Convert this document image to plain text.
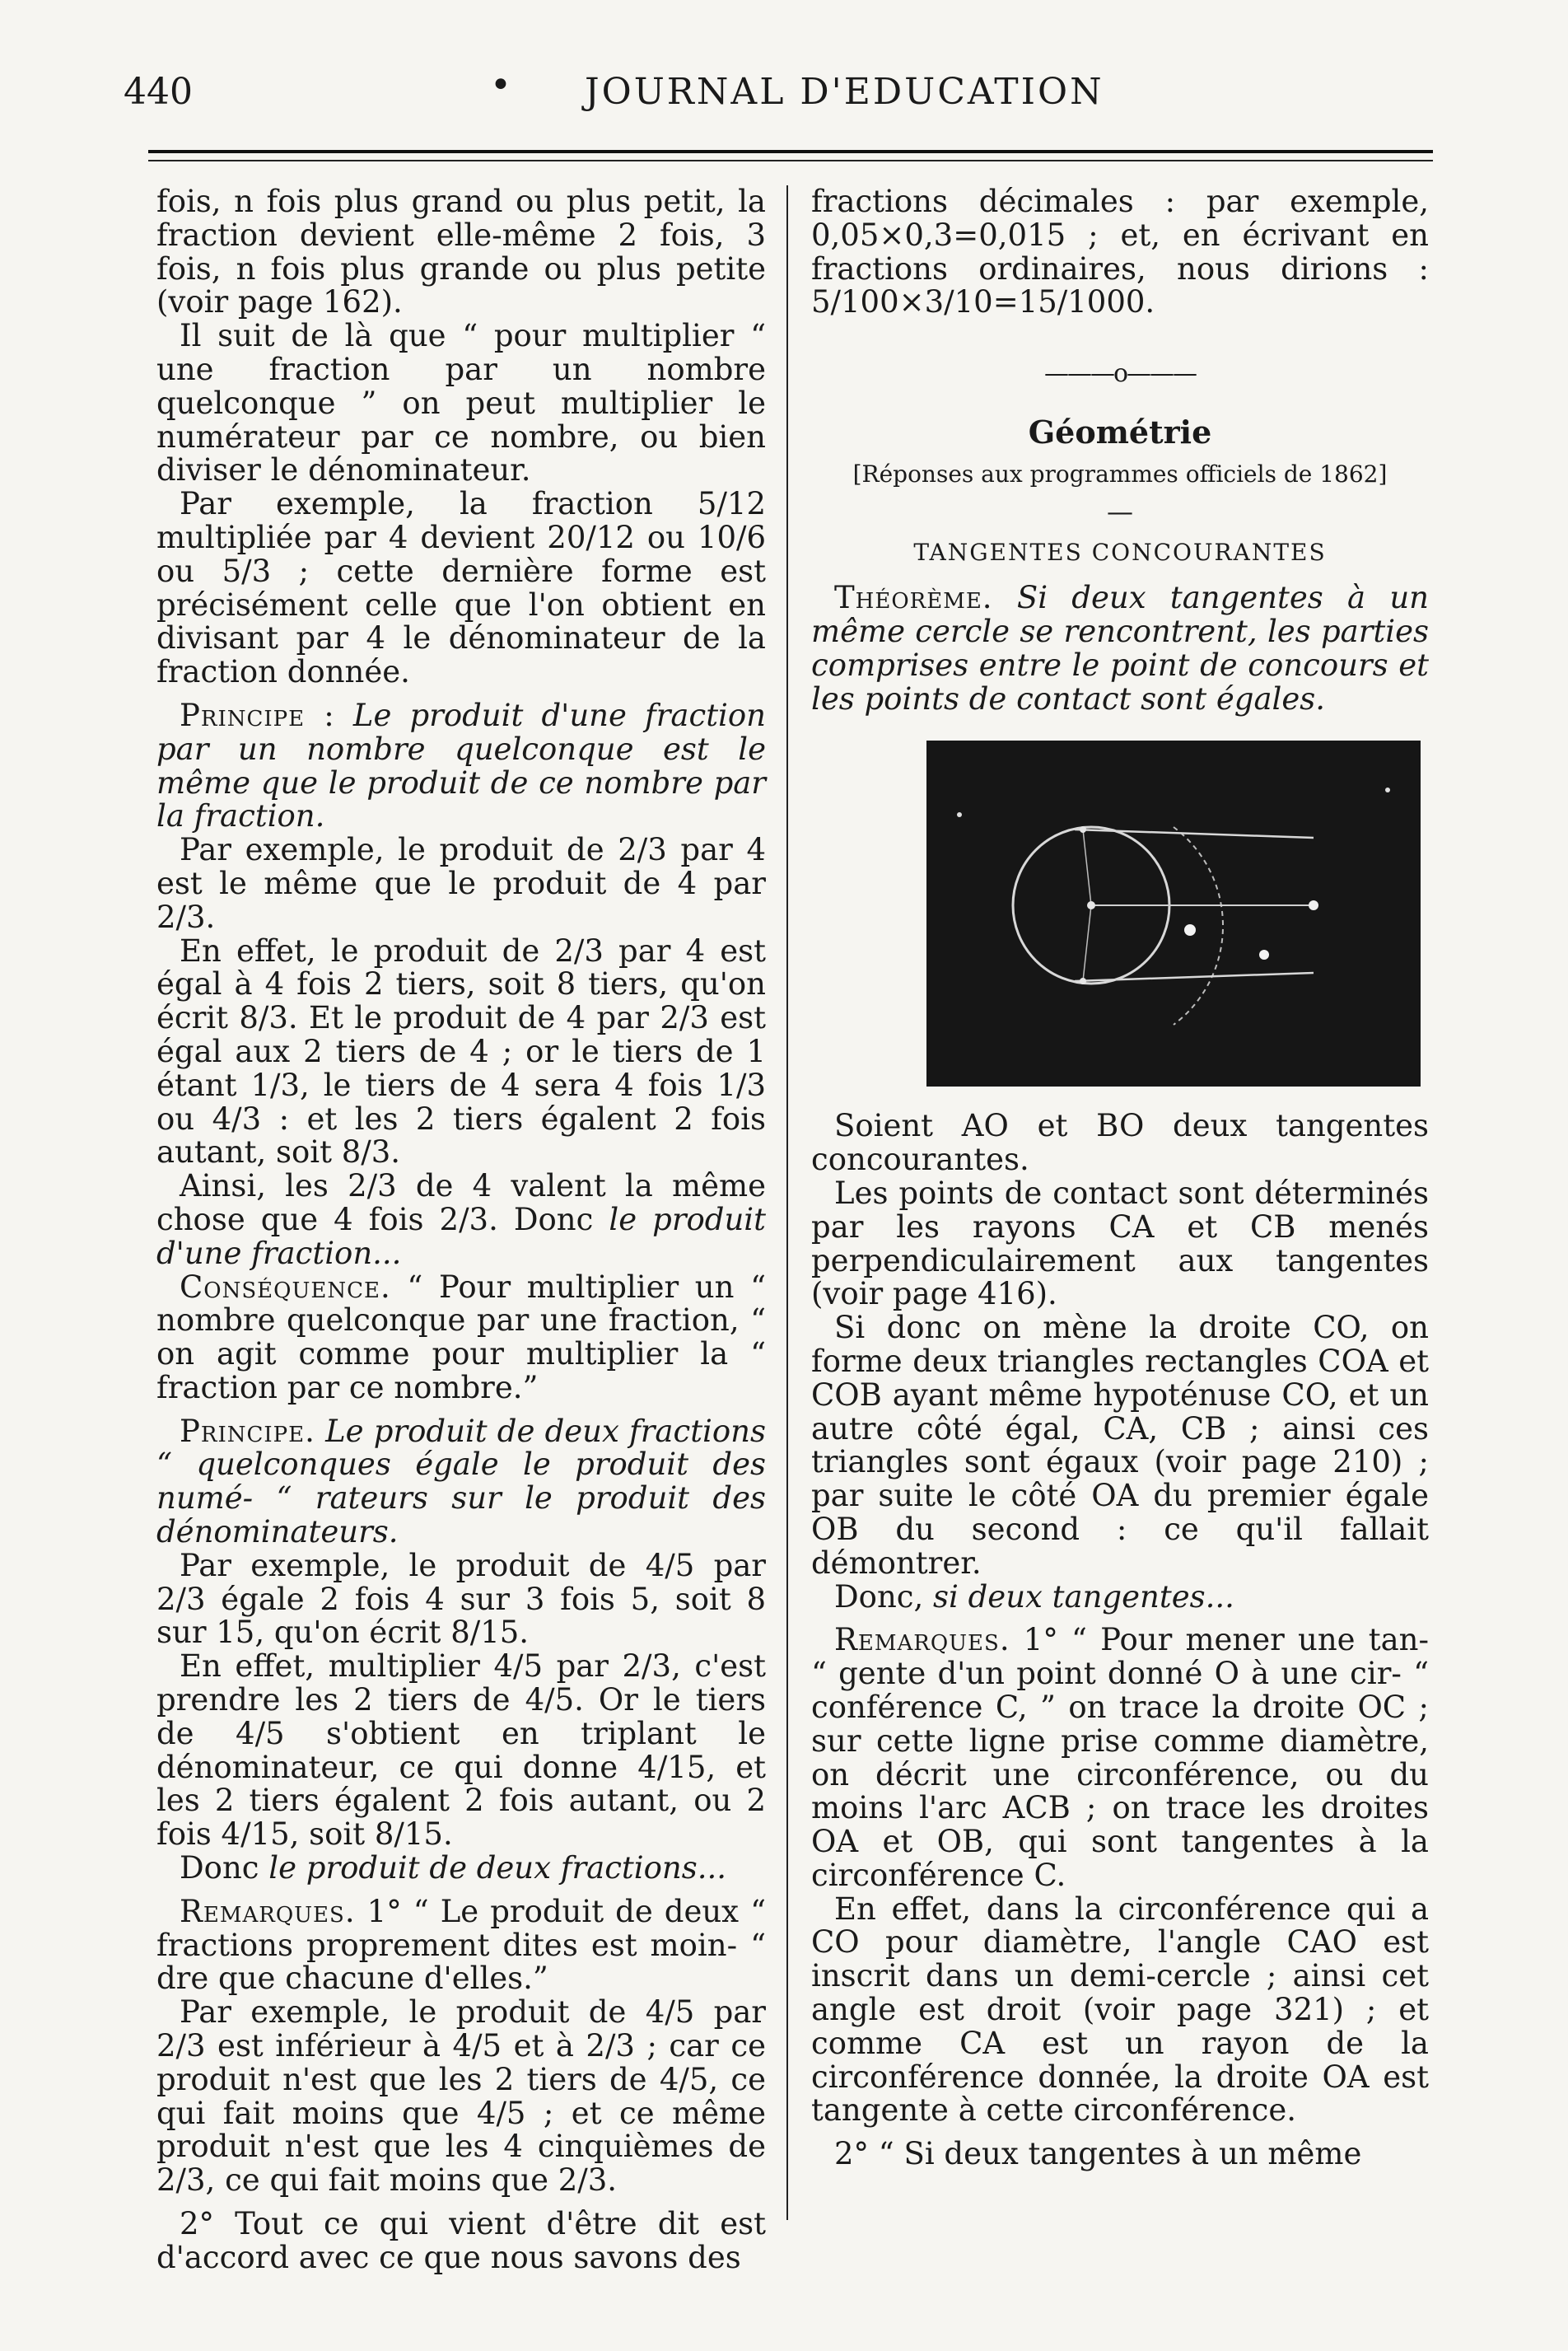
440	• JOURNAL D'EDUCATION

fois, n fois plus grand ou plus petit, la fraction devient elle-même 2 fois, 3 fois, n fois plus grande ou plus petite (voir page 162).

Il suit de là que “ pour multiplier “ une fraction par un nombre quelconque ” on peut multiplier le numérateur par ce nombre, ou bien diviser le dénominateur.

Par exemple, la fraction 5/12 multipliée par 4 devient 20/12 ou 10/6 ou 5/3 ; cette dernière forme est précisément celle que l'on obtient en divisant par 4 le dénominateur de la fraction donnée.

Principe : Le produit d'une fraction par un nombre quelconque est le même que le produit de ce nombre par la fraction.

Par exemple, le produit de 2/3 par 4 est le même que le produit de 4 par 2/3.

En effet, le produit de 2/3 par 4 est égal à 4 fois 2 tiers, soit 8 tiers, qu'on écrit 8/3. Et le produit de 4 par 2/3 est égal aux 2 tiers de 4 ; or le tiers de 1 étant 1/3, le tiers de 4 sera 4 fois 1/3 ou 4/3 : et les 2 tiers égalent 2 fois autant, soit 8/3.

Ainsi, les 2/3 de 4 valent la même chose que 4 fois 2/3. Donc le produit d'une fraction...

Conséquence. “ Pour multiplier un “ nombre quelconque par une fraction, “ on agit comme pour multiplier la “ fraction par ce nombre.”

Principe. Le produit de deux fractions “ quelconques égale le produit des numé- “ rateurs sur le produit des dénominateurs.

Par exemple, le produit de 4/5 par 2/3 égale 2 fois 4 sur 3 fois 5, soit 8 sur 15, qu'on écrit 8/15.

En effet, multiplier 4/5 par 2/3, c'est prendre les 2 tiers de 4/5. Or le tiers de 4/5 s'obtient en triplant le dénominateur, ce qui donne 4/15, et les 2 tiers égalent 2 fois autant, ou 2 fois 4/15, soit 8/15.

Donc le produit de deux fractions...

Remarques. 1° “ Le produit de deux “ fractions proprement dites est moin- “ dre que chacune d'elles.”

Par exemple, le produit de 4/5 par 2/3 est inférieur à 4/5 et à 2/3 ; car ce produit n'est que les 2 tiers de 4/5, ce qui fait moins que 4/5 ; et ce même produit n'est que les 4 cinquièmes de 2/3, ce qui fait moins que 2/3.

2° Tout ce qui vient d'être dit est d'accord avec ce que nous savons des

fractions décimales : par exemple, 0,05×0,3=0,015 ; et, en écrivant en fractions ordinaires, nous dirions : 5/100×3/10=15/1000.

———o———
Géométrie
[Réponses aux programmes officiels de 1862]
—
TANGENTES CONCOURANTES

Théorème. Si deux tangentes à un même cercle se rencontrent, les parties comprises entre le point de concours et les points de contact sont égales.

Soient AO et BO deux tangentes concourantes.

Les points de contact sont déterminés par les rayons CA et CB menés perpendiculairement aux tangentes (voir page 416).

Si donc on mène la droite CO, on forme deux triangles rectangles COA et COB ayant même hypoténuse CO, et un autre côté égal, CA, CB ; ainsi ces triangles sont égaux (voir page 210) ; par suite le côté OA du premier égale OB du second : ce qu'il fallait démontrer.

Donc, si deux tangentes...

Remarques. 1° “ Pour mener une tan- “ gente d'un point donné O à une cir- “ conférence C, ” on trace la droite OC ; sur cette ligne prise comme diamètre, on décrit une circonférence, ou du moins l'arc ACB ; on trace les droites OA et OB, qui sont tangentes à la circonférence C.

En effet, dans la circonférence qui a CO pour diamètre, l'angle CAO est inscrit dans un demi-cercle ; ainsi cet angle est droit (voir page 321) ; et comme CA est un rayon de la circonférence donnée, la droite OA est tangente à cette circonférence.

2° “ Si deux tangentes à un même
